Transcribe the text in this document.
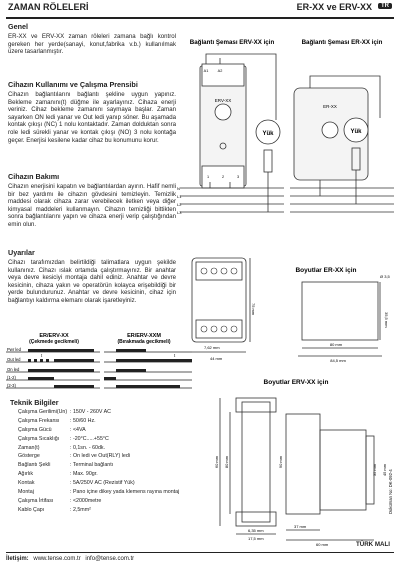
ZAMAN RÖLELERİ	ER-XX ve ERV-XX	TR
Genel
ER-XX ve ERV-XX zaman röleleri zamana bağlı kontrol gereken her yerde(sanayi, konut,fabrika v.b.) kullanılmak üzere tasarlanmıştır.
Cihazın Kullanımı ve Çalışma Prensibi
Cihazın bağlantılarını bağlantı şekline uygun yapınız. Bekleme zamanını(t) düğme ile ayarlayınız. Cihaza enerji veriniz. Cihaz bekleme zamanını saymaya başlar. Zaman sayarken ON ledi yanar ve Out ledi yanıp söner. Bu aşamada kontak çıkışı (NC) 1 nolu kontaktadır. Zaman dolduktan sonra role ledi sürekli yanar ve kontak çıkışı (NO) 3 nolu kontağa geçer. Enerjisi kesilene kadar cihaz bu konumunu korur.
Cihazın Bakımı
Cihazın enerjisini kapatın ve bağlantılardan ayırın. Hafif nemli bir bez yardımı ile cihazın gövdesini temizleyin. Temizlik maddesi olarak cihaza zarar verebilecek iletken veya diğer kimyasal maddeleri kullanmayın. Cihazın temizliği bittikten sonra bağlantılarını yapın ve cihaza enerji verip çalıştığından emin olun.
Uyarılar
Cihazı tarafımızdan belirtildiği talimatlara uygun şekilde kullanınız. Cihazı ıslak ortamda çalıştırmayınız. Bir anahtar veya devre kesiciyi montaja dahil ediniz. Anahtar ve devre kesicinin, cihaza yakın ve operatörün kolayca erişebildiği bir yerde bulundurunuz. Anahtar ve devre kesicinin, cihaz için bağlantıyı kaldırma elemanı olarak işaretleyiniz.
ER/ERV-XX
(Çekmede gecikmeli)
ER/ERV-XXM
(Bırakmada gecikmeli)
Pwr led
Out led
On led
(1-2)
(2-3)
t	t
Teknik Bilgiler
Çalışma Gerilimi(Un) : 150V - 260V AC
Çalışma Frekansı : 50/60 Hz.
Çalışma Gücü	: <4VA
Çalışma Sıcaklığı : -20°C.....+55°C
Zaman(t)	: 0,1sn. - 60dk.
Gösterge	: On ledi ve Out(RLY) ledi
Bağlantı Şekli	: Terminal bağlantı
Ağırlık	: Max. 90gr.
Kontak	: 5A/250V AC (Rezistif Yük)
Montaj	: Pano içine dikey yada klemens rayına montaj
Çalışma İrtifası	: <2000metre
Kablo Çapı	: 2,5mm²
Bağlantı Şeması ERV-XX için	Bağlantı Şeması ER-XX için
ERV-XX
ER-XX
Yük	Yük
A1 A2
1	2	3
N
L1
L2
L3
Boyutlar ER-XX için
75 mm
35,5 mm
Ø 3,5
7,62 mm
44 mm
80 mm
84,5 mm
Boyutlar ERV-XX için
60 mm 80 mm	90 mm
35 mm 45 mm
6,35 mm
17,5 mm
37 mm
60 mm
Doküman No: DK-092-4
İletişim: www.tense.com.tr info@tense.com.tr
TÜRK MALI
